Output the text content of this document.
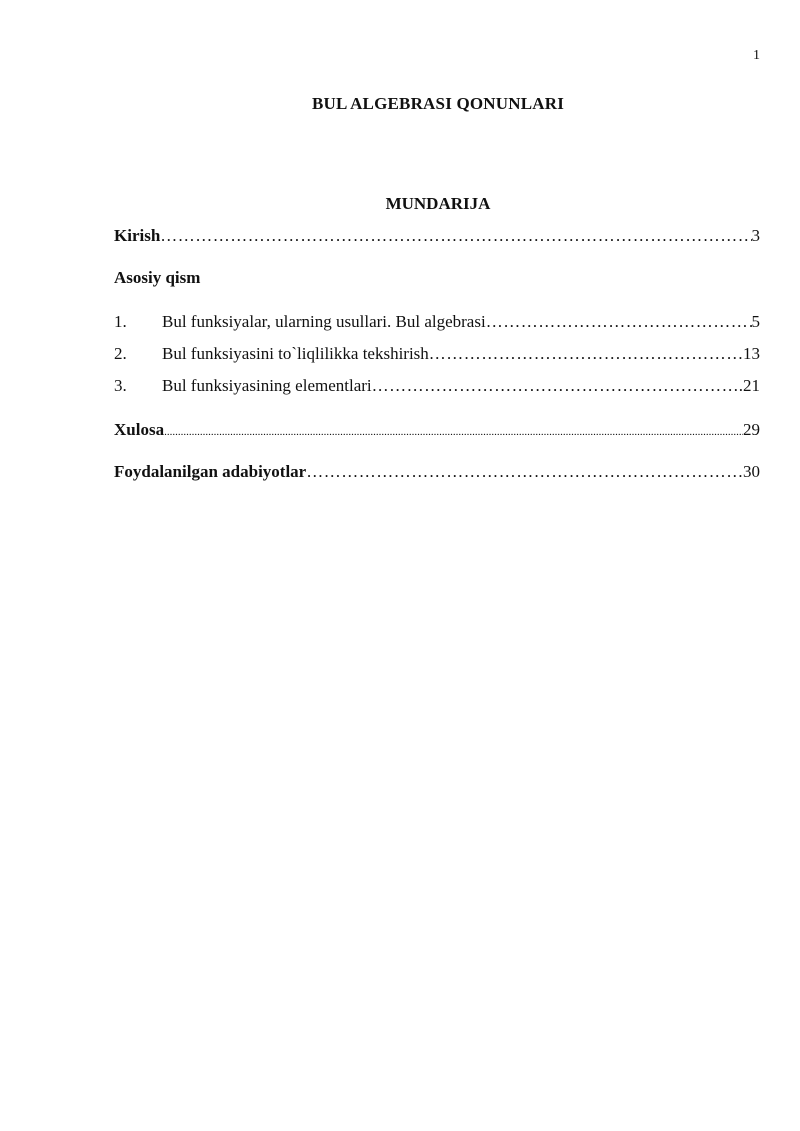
1
BUL ALGEBRASI QONUNLARI
MUNDARIJA
Kirish ……………………………………………………………………………………………………………………………………………………	3
Asosiy qism
1.	Bul funksiyalar, ularning usullari. Bul algebrasi ……………………………………………………………………………………………………………………………………………………	5
2.	Bul funksiyasini to`liqlilikka tekshirish ……………………………………………………………………………………………………………………………………………………	13
3.	Bul funksiyasining elementlari ……………………………………………………………………………………………………………………………………………………	.21
Xulosa .....	29
Foydalanilgan adabiyotlar ……………………………………………………………………………………………………………………………………………………	30
